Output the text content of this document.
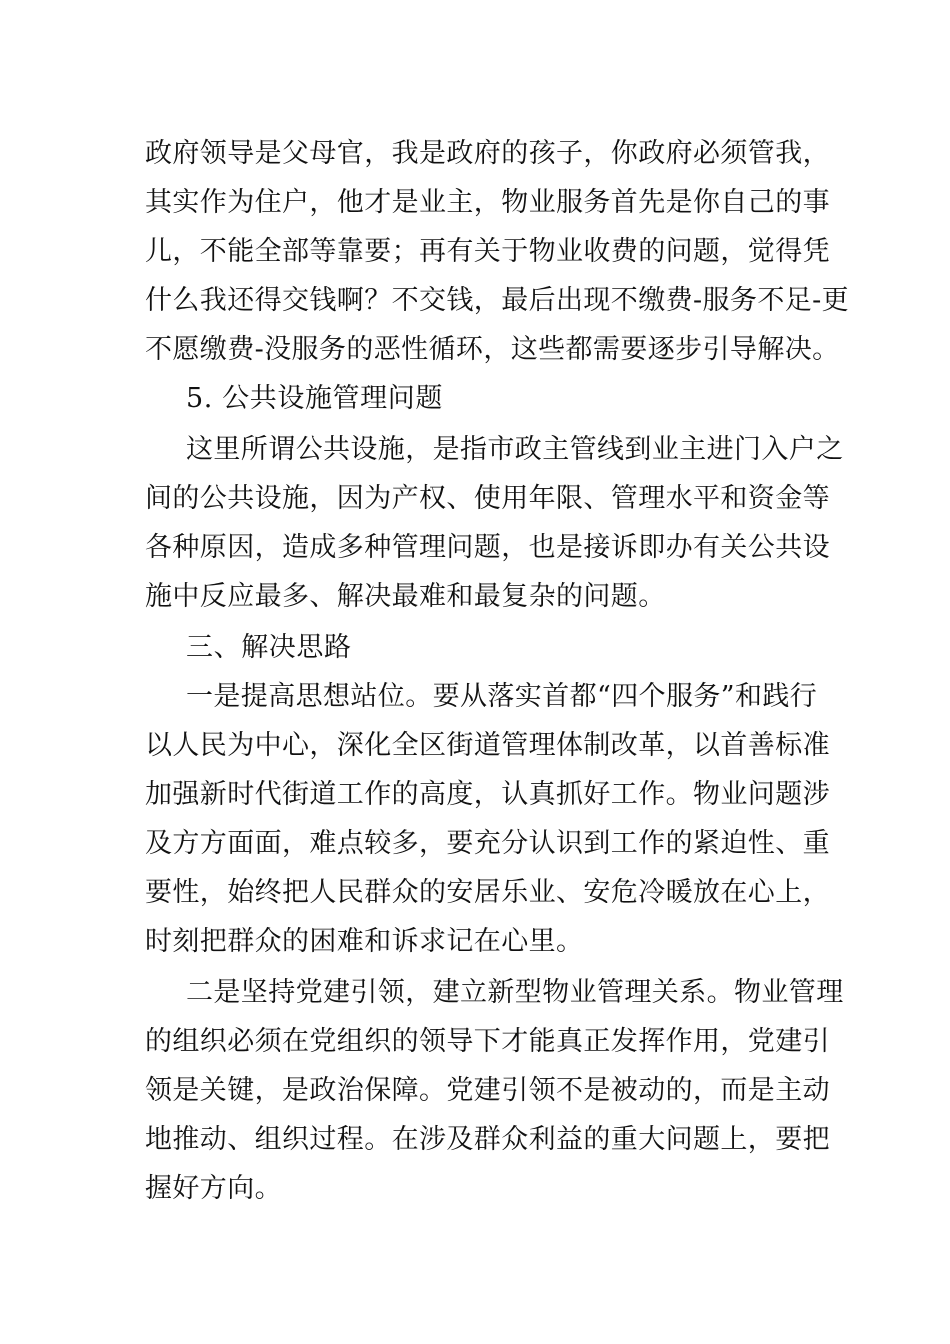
政府领导是父母官，我是政府的孩子，你政府必须管我，
其实作为住户，他才是业主，物业服务首先是你自己的事
儿，不能全部等靠要；再有关于物业收费的问题，觉得凭
什么我还得交钱啊？不交钱，最后出现不缴费-服务不足-更
不愿缴费-没服务的恶性循环，这些都需要逐步引导解决。
5. 公共设施管理问题
这里所谓公共设施，是指市政主管线到业主进门入户之
间的公共设施，因为产权、使用年限、管理水平和资金等
各种原因，造成多种管理问题，也是接诉即办有关公共设
施中反应最多、解决最难和最复杂的问题。
三、解决思路
一是提高思想站位。要从落实首都“四个服务”和践行
以人民为中心，深化全区街道管理体制改革，以首善标准
加强新时代街道工作的高度，认真抓好工作。物业问题涉
及方方面面，难点较多，要充分认识到工作的紧迫性、重
要性，始终把人民群众的安居乐业、安危冷暖放在心上，
时刻把群众的困难和诉求记在心里。
二是坚持党建引领，建立新型物业管理关系。物业管理
的组织必须在党组织的领导下才能真正发挥作用，党建引
领是关键，是政治保障。党建引领不是被动的，而是主动
地推动、组织过程。在涉及群众利益的重大问题上，要把
握好方向。
